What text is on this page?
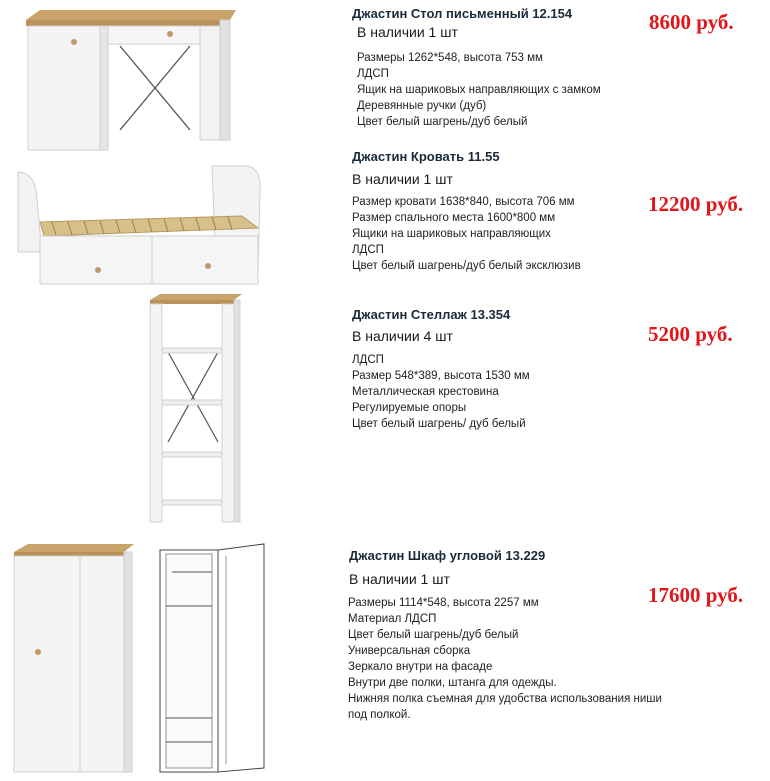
Джастин Стол письменный 12.154
В наличии 1 шт
Размеры 1262*548, высота 753 мм
ЛДСП
Ящик на шариковых направляющих с замком
Деревянные ручки (дуб)
Цвет белый шагрень/дуб белый
8600 руб.
Джастин Кровать 11.55
В наличии 1 шт
Размер кровати 1638*840, высота 706 мм
Размер спального места 1600*800 мм
Ящики на шариковых направляющих
ЛДСП
Цвет белый шагрень/дуб белый эксклюзив
12200 руб.
Джастин Стеллаж 13.354
В наличии 4 шт
ЛДСП
Размер 548*389, высота 1530 мм
Металлическая крестовина
Регулируемые опоры
Цвет белый шагрень/ дуб белый
5200 руб.
Джастин Шкаф угловой 13.229
В наличии 1 шт
Размеры 1114*548, высота 2257 мм
Материал ЛДСП
Цвет белый шагрень/дуб белый
Универсальная сборка
Зеркало внутри на фасаде
Внутри две полки, штанга для одежды.
Нижняя полка съемная для удобства использования ниши
под полкой.
17600 руб.
